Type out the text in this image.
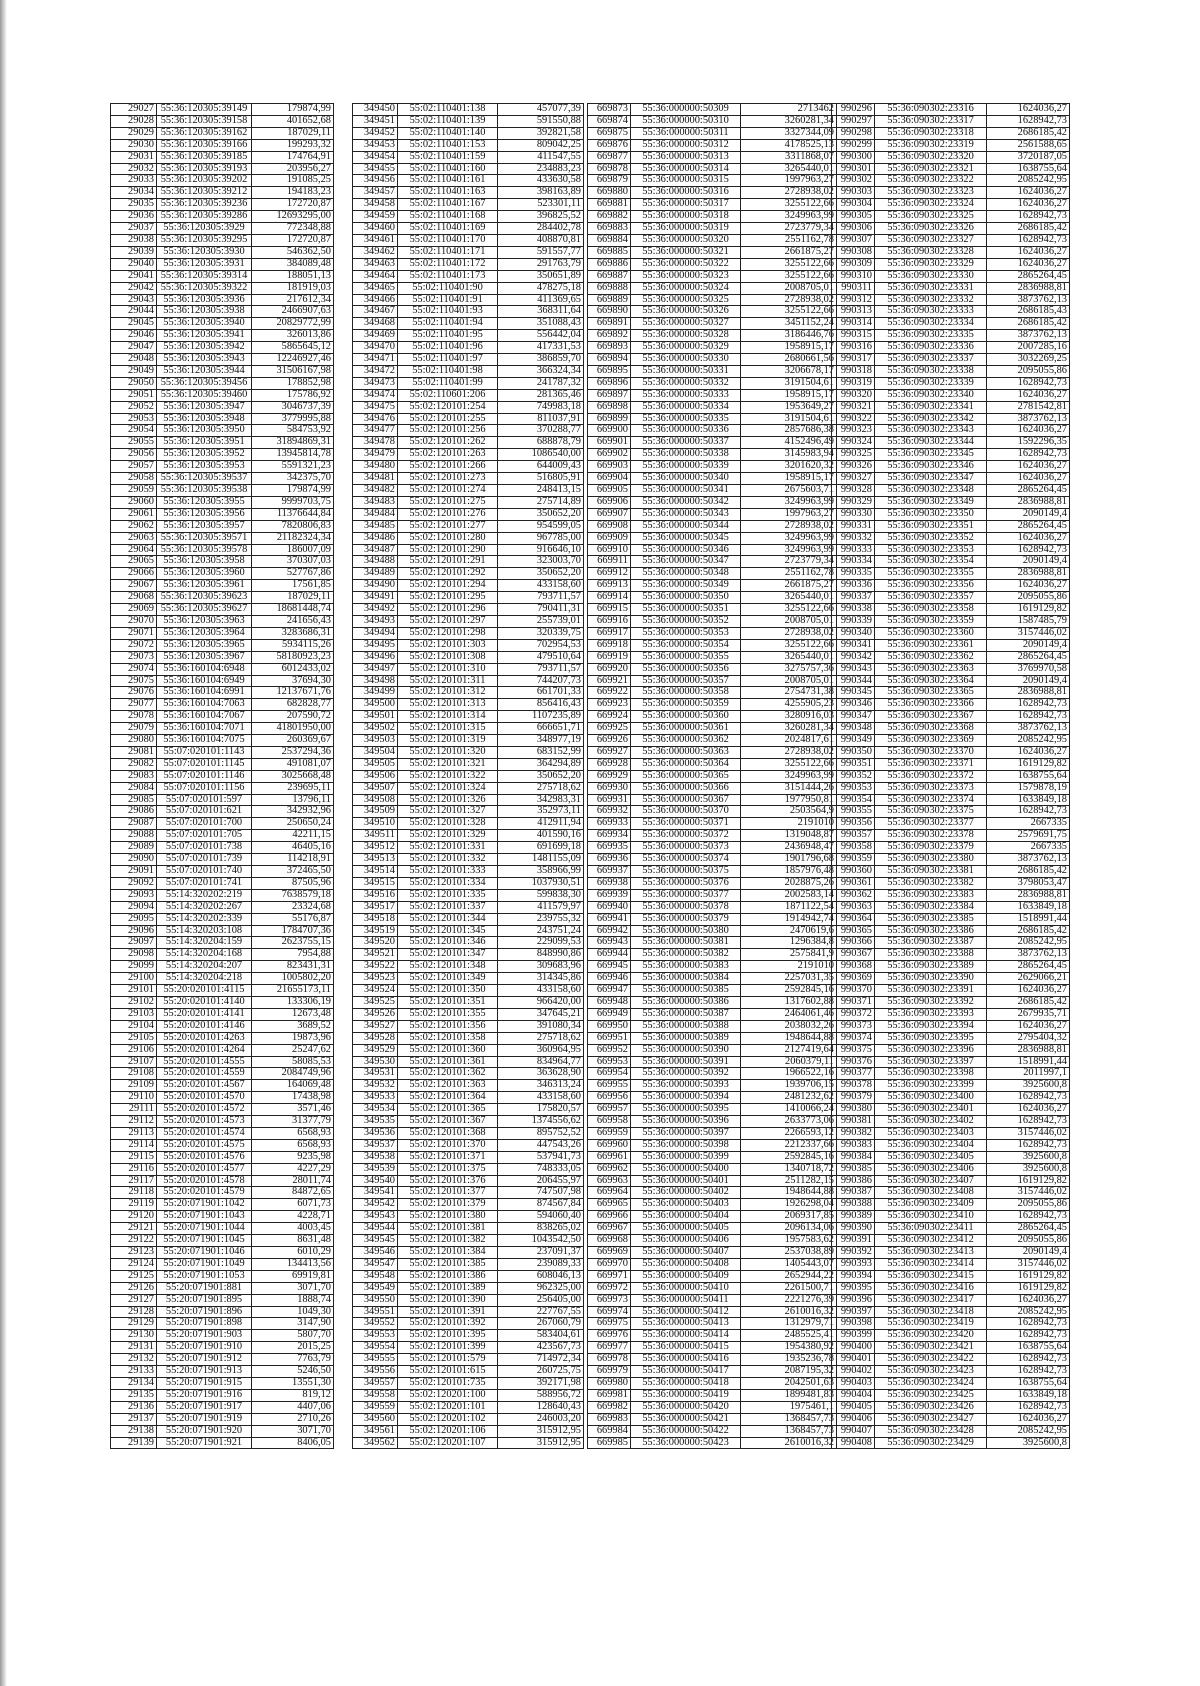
29027	55:36:120305:39149	179874,99
29028	55:36:120305:39158	401652,68
29029	55:36:120305:39162	187029,11
29030	55:36:120305:39166	199293,32
29031	55:36:120305:39185	174764,91
29032	55:36:120305:39193	203956,27
29033	55:36:120305:39202	191085,25
29034	55:36:120305:39212	194183,23
29035	55:36:120305:39236	172720,87
29036	55:36:120305:39286	12693295,00
29037	55:36:120305:3929	772348,88
29038	55:36:120305:39295	172720,87
29039	55:36:120305:3930	546362,50
29040	55:36:120305:3931	384089,48
29041	55:36:120305:39314	188051,13
29042	55:36:120305:39322	181919,03
29043	55:36:120305:3936	217612,34
29044	55:36:120305:3938	2466907,63
29045	55:36:120305:3940	20829772,99
29046	55:36:120305:3941	326013,86
29047	55:36:120305:3942	5865645,12
29048	55:36:120305:3943	12246927,46
29049	55:36:120305:3944	31506167,98
29050	55:36:120305:39456	178852,98
29051	55:36:120305:39460	175786,92
29052	55:36:120305:3947	3046737,39
29053	55:36:120305:3948	3779995,88
29054	55:36:120305:3950	584753,92
29055	55:36:120305:3951	31894869,31
29056	55:36:120305:3952	13945814,78
29057	55:36:120305:3953	5591321,23
29058	55:36:120305:39537	342375,70
29059	55:36:120305:39538	179874,99
29060	55:36:120305:3955	9999703,75
29061	55:36:120305:3956	11376644,84
29062	55:36:120305:3957	7820806,83
29063	55:36:120305:39571	21182324,34
29064	55:36:120305:39578	186007,09
29065	55:36:120305:3958	370307,03
29066	55:36:120305:3960	527767,86
29067	55:36:120305:3961	17561,85
29068	55:36:120305:39623	187029,11
29069	55:36:120305:39627	18681448,74
29070	55:36:120305:3963	241656,43
29071	55:36:120305:3964	3283686,31
29072	55:36:120305:3965	5934115,26
29073	55:36:120305:3967	58180923,23
29074	55:36:160104:6948	6012433,02
29075	55:36:160104:6949	37694,30
29076	55:36:160104:6991	12137671,76
29077	55:36:160104:7063	682828,77
29078	55:36:160104:7067	207590,72
29079	55:36:160104:7071	41801950,00
29080	55:36:160104:7075	260369,67
29081	55:07:020101:1143	2537294,36
29082	55:07:020101:1145	491081,07
29083	55:07:020101:1146	3025668,48
29084	55:07:020101:1156	239695,11
29085	55:07:020101:597	13796,11
29086	55:07:020101:621	342932,96
29087	55:07:020101:700	250650,24
29088	55:07:020101:705	42211,15
29089	55:07:020101:738	46405,16
29090	55:07:020101:739	114218,91
29091	55:07:020101:740	372465,50
29092	55:07:020101:741	87505,96
29093	55:14:320202:219	7638579,18
29094	55:14:320202:267	23324,68
29095	55:14:320202:339	55176,87
29096	55:14:320203:108	1784707,36
29097	55:14:320204:159	2623755,15
29098	55:14:320204:168	7954,88
29099	55:14:320204:207	823431,31
29100	55:14:320204:218	1005802,20
29101	55:20:020101:4115	21655173,11
29102	55:20:020101:4140	133306,19
29103	55:20:020101:4141	12673,48
29104	55:20:020101:4146	3689,52
29105	55:20:020101:4263	19873,96
29106	55:20:020101:4264	25247,62
29107	55:20:020101:4555	58085,53
29108	55:20:020101:4559	2084749,96
29109	55:20:020101:4567	164069,48
29110	55:20:020101:4570	17438,98
29111	55:20:020101:4572	3571,46
29112	55:20:020101:4573	31377,79
29113	55:20:020101:4574	6568,93
29114	55:20:020101:4575	6568,93
29115	55:20:020101:4576	9235,98
29116	55:20:020101:4577	4227,29
29117	55:20:020101:4578	28011,74
29118	55:20:020101:4579	84872,65
29119	55:20:071901:1042	6071,73
29120	55:20:071901:1043	4228,71
29121	55:20:071901:1044	4003,45
29122	55:20:071901:1045	8631,48
29123	55:20:071901:1046	6010,29
29124	55:20:071901:1049	134413,56
29125	55:20:071901:1053	69919,81
29126	55:20:071901:881	3071,70
29127	55:20:071901:895	1888,74
29128	55:20:071901:896	1049,30
29129	55:20:071901:898	3147,90
29130	55:20:071901:903	5807,70
29131	55:20:071901:910	2015,25
29132	55:20:071901:912	7763,79
29133	55:20:071901:913	5246,50
29134	55:20:071901:915	13551,30
29135	55:20:071901:916	819,12
29136	55:20:071901:917	4407,06
29137	55:20:071901:919	2710,26
29138	55:20:071901:920	3071,70
29139	55:20:071901:921	8406,05
349450	55:02:110401:138	457077,39
349451	55:02:110401:139	591550,88
349452	55:02:110401:140	392821,58
349453	55:02:110401:153	809042,25
349454	55:02:110401:159	411547,55
349455	55:02:110401:160	234883,23
349456	55:02:110401:161	433630,58
349457	55:02:110401:163	398163,89
349458	55:02:110401:167	523301,11
349459	55:02:110401:168	396825,52
349460	55:02:110401:169	284402,78
349461	55:02:110401:170	408870,81
349462	55:02:110401:171	591557,77
349463	55:02:110401:172	291763,79
349464	55:02:110401:173	350651,89
349465	55:02:110401:90	478275,18
349466	55:02:110401:91	411369,65
349467	55:02:110401:93	368311,64
349468	55:02:110401:94	351088,43
349469	55:02:110401:95	556442,04
349470	55:02:110401:96	417331,53
349471	55:02:110401:97	386859,70
349472	55:02:110401:98	366324,34
349473	55:02:110401:99	241787,32
349474	55:02:110601:206	281365,46
349475	55:02:120101:254	749983,18
349476	55:02:120101:255	811037,91
349477	55:02:120101:256	370288,77
349478	55:02:120101:262	688878,79
349479	55:02:120101:263	1086540,00
349480	55:02:120101:266	644009,43
349481	55:02:120101:273	516805,91
349482	55:02:120101:274	248413,15
349483	55:02:120101:275	275714,89
349484	55:02:120101:276	350652,20
349485	55:02:120101:277	954599,05
349486	55:02:120101:280	967785,00
349487	55:02:120101:290	916646,10
349488	55:02:120101:291	323003,70
349489	55:02:120101:292	350652,20
349490	55:02:120101:294	433158,60
349491	55:02:120101:295	793711,57
349492	55:02:120101:296	790411,31
349493	55:02:120101:297	255739,01
349494	55:02:120101:298	320339,75
349495	55:02:120101:303	702954,53
349496	55:02:120101:308	479510,64
349497	55:02:120101:310	793711,57
349498	55:02:120101:311	744207,73
349499	55:02:120101:312	661701,33
349500	55:02:120101:313	856416,43
349501	55:02:120101:314	1107235,89
349502	55:02:120101:315	666651,71
349503	55:02:120101:319	348977,19
349504	55:02:120101:320	683152,99
349505	55:02:120101:321	364294,89
349506	55:02:120101:322	350652,20
349507	55:02:120101:324	275718,62
349508	55:02:120101:326	342983,31
349509	55:02:120101:327	352973,11
349510	55:02:120101:328	412911,94
349511	55:02:120101:329	401590,16
349512	55:02:120101:331	691699,18
349513	55:02:120101:332	1481155,09
349514	55:02:120101:333	358966,99
349515	55:02:120101:334	1037930,51
349516	55:02:120101:335	599838,30
349517	55:02:120101:337	411579,97
349518	55:02:120101:344	239755,32
349519	55:02:120101:345	243751,24
349520	55:02:120101:346	229099,53
349521	55:02:120101:347	848990,86
349522	55:02:120101:348	309683,96
349523	55:02:120101:349	314345,86
349524	55:02:120101:350	433158,60
349525	55:02:120101:351	966420,00
349526	55:02:120101:355	347645,21
349527	55:02:120101:356	391080,34
349528	55:02:120101:358	275718,62
349529	55:02:120101:360	360964,95
349530	55:02:120101:361	834964,77
349531	55:02:120101:362	363628,90
349532	55:02:120101:363	346313,24
349533	55:02:120101:364	433158,60
349534	55:02:120101:365	175820,57
349535	55:02:120101:367	1374556,62
349536	55:02:120101:368	895752,52
349537	55:02:120101:370	447543,26
349538	55:02:120101:371	537941,73
349539	55:02:120101:375	748333,05
349540	55:02:120101:376	206455,97
349541	55:02:120101:377	747507,98
349542	55:02:120101:379	874567,84
349543	55:02:120101:380	594060,40
349544	55:02:120101:381	838265,02
349545	55:02:120101:382	1043542,50
349546	55:02:120101:384	237091,37
349547	55:02:120101:385	239089,33
349548	55:02:120101:386	608046,13
349549	55:02:120101:389	962325,00
349550	55:02:120101:390	256405,00
349551	55:02:120101:391	227767,55
349552	55:02:120101:392	267060,79
349553	55:02:120101:395	583404,61
349554	55:02:120101:399	423567,73
349555	55:02:120101:579	714972,34
349556	55:02:120101:615	260725,75
349557	55:02:120101:735	392171,98
349558	55:02:120201:100	588956,72
349559	55:02:120201:101	128640,43
349560	55:02:120201:102	246003,20
349561	55:02:120201:106	315912,95
349562	55:02:120201:107	315912,95
669873	55:36:000000:50309	2713462
669874	55:36:000000:50310	3260281,34
669875	55:36:000000:50311	3327344,09
669876	55:36:000000:50312	4178525,13
669877	55:36:000000:50313	3311868,07
669878	55:36:000000:50314	3265440,01
669879	55:36:000000:50315	1997963,27
669880	55:36:000000:50316	2728938,02
669881	55:36:000000:50317	3255122,66
669882	55:36:000000:50318	3249963,99
669883	55:36:000000:50319	2723779,34
669884	55:36:000000:50320	2551162,78
669885	55:36:000000:50321	2661875,27
669886	55:36:000000:50322	3255122,66
669887	55:36:000000:50323	3255122,66
669888	55:36:000000:50324	2008705,01
669889	55:36:000000:50325	2728938,02
669890	55:36:000000:50326	3255122,66
669891	55:36:000000:50327	3451152,24
669892	55:36:000000:50328	3186446,76
669893	55:36:000000:50329	1958915,17
669894	55:36:000000:50330	2680661,56
669895	55:36:000000:50331	3206678,17
669896	55:36:000000:50332	3191504,61
669897	55:36:000000:50333	1958915,17
669898	55:36:000000:50334	1953649,27
669899	55:36:000000:50335	3191504,61
669900	55:36:000000:50336	2857686,38
669901	55:36:000000:50337	4152496,49
669902	55:36:000000:50338	3145983,94
669903	55:36:000000:50339	3201620,32
669904	55:36:000000:50340	1958915,17
669905	55:36:000000:50341	2675603,71
669906	55:36:000000:50342	3249963,99
669907	55:36:000000:50343	1997963,27
669908	55:36:000000:50344	2728938,02
669909	55:36:000000:50345	3249963,99
669910	55:36:000000:50346	3249963,99
669911	55:36:000000:50347	2723779,34
669912	55:36:000000:50348	2551162,78
669913	55:36:000000:50349	2661875,27
669914	55:36:000000:50350	3265440,01
669915	55:36:000000:50351	3255122,66
669916	55:36:000000:50352	2008705,01
669917	55:36:000000:50353	2728938,02
669918	55:36:000000:50354	3255122,66
669919	55:36:000000:50355	3265440,01
669920	55:36:000000:50356	3275757,36
669921	55:36:000000:50357	2008705,01
669922	55:36:000000:50358	2754731,38
669923	55:36:000000:50359	4255905,23
669924	55:36:000000:50360	3280916,03
669925	55:36:000000:50361	3260281,34
669926	55:36:000000:50362	2024817,61
669927	55:36:000000:50363	2728938,02
669928	55:36:000000:50364	3255122,66
669929	55:36:000000:50365	3249963,99
669930	55:36:000000:50366	3151444,26
669931	55:36:000000:50367	1977950,81
669932	55:36:000000:50370	2503564,9
669933	55:36:000000:50371	2191010
669934	55:36:000000:50372	1319048,87
669935	55:36:000000:50373	2436948,47
669936	55:36:000000:50374	1901796,68
669937	55:36:000000:50375	1857976,48
669938	55:36:000000:50376	2028875,26
669939	55:36:000000:50377	2002583,14
669940	55:36:000000:50378	1871122,54
669941	55:36:000000:50379	1914942,74
669942	55:36:000000:50380	2470619,6
669943	55:36:000000:50381	1296384,8
669944	55:36:000000:50382	2575841,9
669945	55:36:000000:50383	2191010
669946	55:36:000000:50384	2257031,35
669947	55:36:000000:50385	2592845,16
669948	55:36:000000:50386	1317602,88
669949	55:36:000000:50387	2464061,46
669950	55:36:000000:50388	2038032,26
669951	55:36:000000:50389	1948644,88
669952	55:36:000000:50390	2127419,64
669953	55:36:000000:50391	2060379,11
669954	55:36:000000:50392	1966522,16
669955	55:36:000000:50393	1939706,15
669956	55:36:000000:50394	2481232,62
669957	55:36:000000:50395	1410066,24
669958	55:36:000000:50396	2633773,06
669959	55:36:000000:50397	2266593,12
669960	55:36:000000:50398	2212337,66
669961	55:36:000000:50399	2592845,16
669962	55:36:000000:50400	1340718,72
669963	55:36:000000:50401	2511282,15
669964	55:36:000000:50402	1948644,88
669965	55:36:000000:50403	1926298,04
669966	55:36:000000:50404	2069317,85
669967	55:36:000000:50405	2096134,06
669968	55:36:000000:50406	1957583,62
669969	55:36:000000:50407	2537038,89
669970	55:36:000000:50408	1405443,07
669971	55:36:000000:50409	2652944,22
669972	55:36:000000:50410	2261500,71
669973	55:36:000000:50411	2221276,39
669974	55:36:000000:50412	2610016,32
669975	55:36:000000:50413	1312979,71
669976	55:36:000000:50414	2485525,41
669977	55:36:000000:50415	1954380,92
669978	55:36:000000:50416	1935236,78
669979	55:36:000000:50417	2087195,32
669980	55:36:000000:50418	2042501,63
669981	55:36:000000:50419	1899481,83
669982	55:36:000000:50420	1975461,1
669983	55:36:000000:50421	1368457,73
669984	55:36:000000:50422	1368457,73
669985	55:36:000000:50423	2610016,32
990296	55:36:090302:23316	1624036,27
990297	55:36:090302:23317	1628942,73
990298	55:36:090302:23318	2686185,42
990299	55:36:090302:23319	2561588,65
990300	55:36:090302:23320	3720187,05
990301	55:36:090302:23321	1638755,64
990302	55:36:090302:23322	2085242,95
990303	55:36:090302:23323	1624036,27
990304	55:36:090302:23324	1624036,27
990305	55:36:090302:23325	1628942,73
990306	55:36:090302:23326	2686185,42
990307	55:36:090302:23327	1628942,73
990308	55:36:090302:23328	1624036,27
990309	55:36:090302:23329	1624036,27
990310	55:36:090302:23330	2865264,45
990311	55:36:090302:23331	2836988,81
990312	55:36:090302:23332	3873762,13
990313	55:36:090302:23333	2686185,43
990314	55:36:090302:23334	2686185,42
990315	55:36:090302:23335	3873762,13
990316	55:36:090302:23336	2007285,16
990317	55:36:090302:23337	3032269,25
990318	55:36:090302:23338	2095055,86
990319	55:36:090302:23339	1628942,73
990320	55:36:090302:23340	1624036,27
990321	55:36:090302:23341	2781542,81
990322	55:36:090302:23342	3873762,13
990323	55:36:090302:23343	1624036,27
990324	55:36:090302:23344	1592296,35
990325	55:36:090302:23345	1628942,73
990326	55:36:090302:23346	1624036,27
990327	55:36:090302:23347	1624036,27
990328	55:36:090302:23348	2865264,45
990329	55:36:090302:23349	2836988,81
990330	55:36:090302:23350	2090149,4
990331	55:36:090302:23351	2865264,45
990332	55:36:090302:23352	1624036,27
990333	55:36:090302:23353	1628942,73
990334	55:36:090302:23354	2090149,4
990335	55:36:090302:23355	2836988,81
990336	55:36:090302:23356	1624036,27
990337	55:36:090302:23357	2095055,86
990338	55:36:090302:23358	1619129,82
990339	55:36:090302:23359	1587485,79
990340	55:36:090302:23360	3157446,02
990341	55:36:090302:23361	2090149,4
990342	55:36:090302:23362	2865264,45
990343	55:36:090302:23363	3769970,58
990344	55:36:090302:23364	2090149,4
990345	55:36:090302:23365	2836988,81
990346	55:36:090302:23366	1628942,73
990347	55:36:090302:23367	1628942,73
990348	55:36:090302:23368	3873762,13
990349	55:36:090302:23369	2085242,95
990350	55:36:090302:23370	1624036,27
990351	55:36:090302:23371	1619129,82
990352	55:36:090302:23372	1638755,64
990353	55:36:090302:23373	1579878,19
990354	55:36:090302:23374	1633849,18
990355	55:36:090302:23375	1628942,73
990356	55:36:090302:23377	2667335
990357	55:36:090302:23378	2579691,75
990358	55:36:090302:23379	2667335
990359	55:36:090302:23380	3873762,13
990360	55:36:090302:23381	2686185,42
990361	55:36:090302:23382	3798053,47
990362	55:36:090302:23383	2836988,81
990363	55:36:090302:23384	1633849,18
990364	55:36:090302:23385	1518991,44
990365	55:36:090302:23386	2686185,42
990366	55:36:090302:23387	2085242,95
990367	55:36:090302:23388	3873762,13
990368	55:36:090302:23389	2865264,45
990369	55:36:090302:23390	2629066,21
990370	55:36:090302:23391	1624036,27
990371	55:36:090302:23392	2686185,42
990372	55:36:090302:23393	2679935,71
990373	55:36:090302:23394	1624036,27
990374	55:36:090302:23395	2795404,32
990375	55:36:090302:23396	2836988,81
990376	55:36:090302:23397	1518991,44
990377	55:36:090302:23398	2011997,1
990378	55:36:090302:23399	3925600,8
990379	55:36:090302:23400	1628942,73
990380	55:36:090302:23401	1624036,27
990381	55:36:090302:23402	1628942,73
990382	55:36:090302:23403	3157446,02
990383	55:36:090302:23404	1628942,73
990384	55:36:090302:23405	3925600,8
990385	55:36:090302:23406	3925600,8
990386	55:36:090302:23407	1619129,82
990387	55:36:090302:23408	3157446,02
990388	55:36:090302:23409	2095055,86
990389	55:36:090302:23410	1628942,73
990390	55:36:090302:23411	2865264,45
990391	55:36:090302:23412	2095055,86
990392	55:36:090302:23413	2090149,4
990393	55:36:090302:23414	3157446,02
990394	55:36:090302:23415	1619129,82
990395	55:36:090302:23416	1619129,82
990396	55:36:090302:23417	1624036,27
990397	55:36:090302:23418	2085242,95
990398	55:36:090302:23419	1628942,73
990399	55:36:090302:23420	1628942,73
990400	55:36:090302:23421	1638755,64
990401	55:36:090302:23422	1628942,73
990402	55:36:090302:23423	1628942,73
990403	55:36:090302:23424	1638755,64
990404	55:36:090302:23425	1633849,18
990405	55:36:090302:23426	1628942,73
990406	55:36:090302:23427	1624036,27
990407	55:36:090302:23428	2085242,95
990408	55:36:090302:23429	3925600,8
